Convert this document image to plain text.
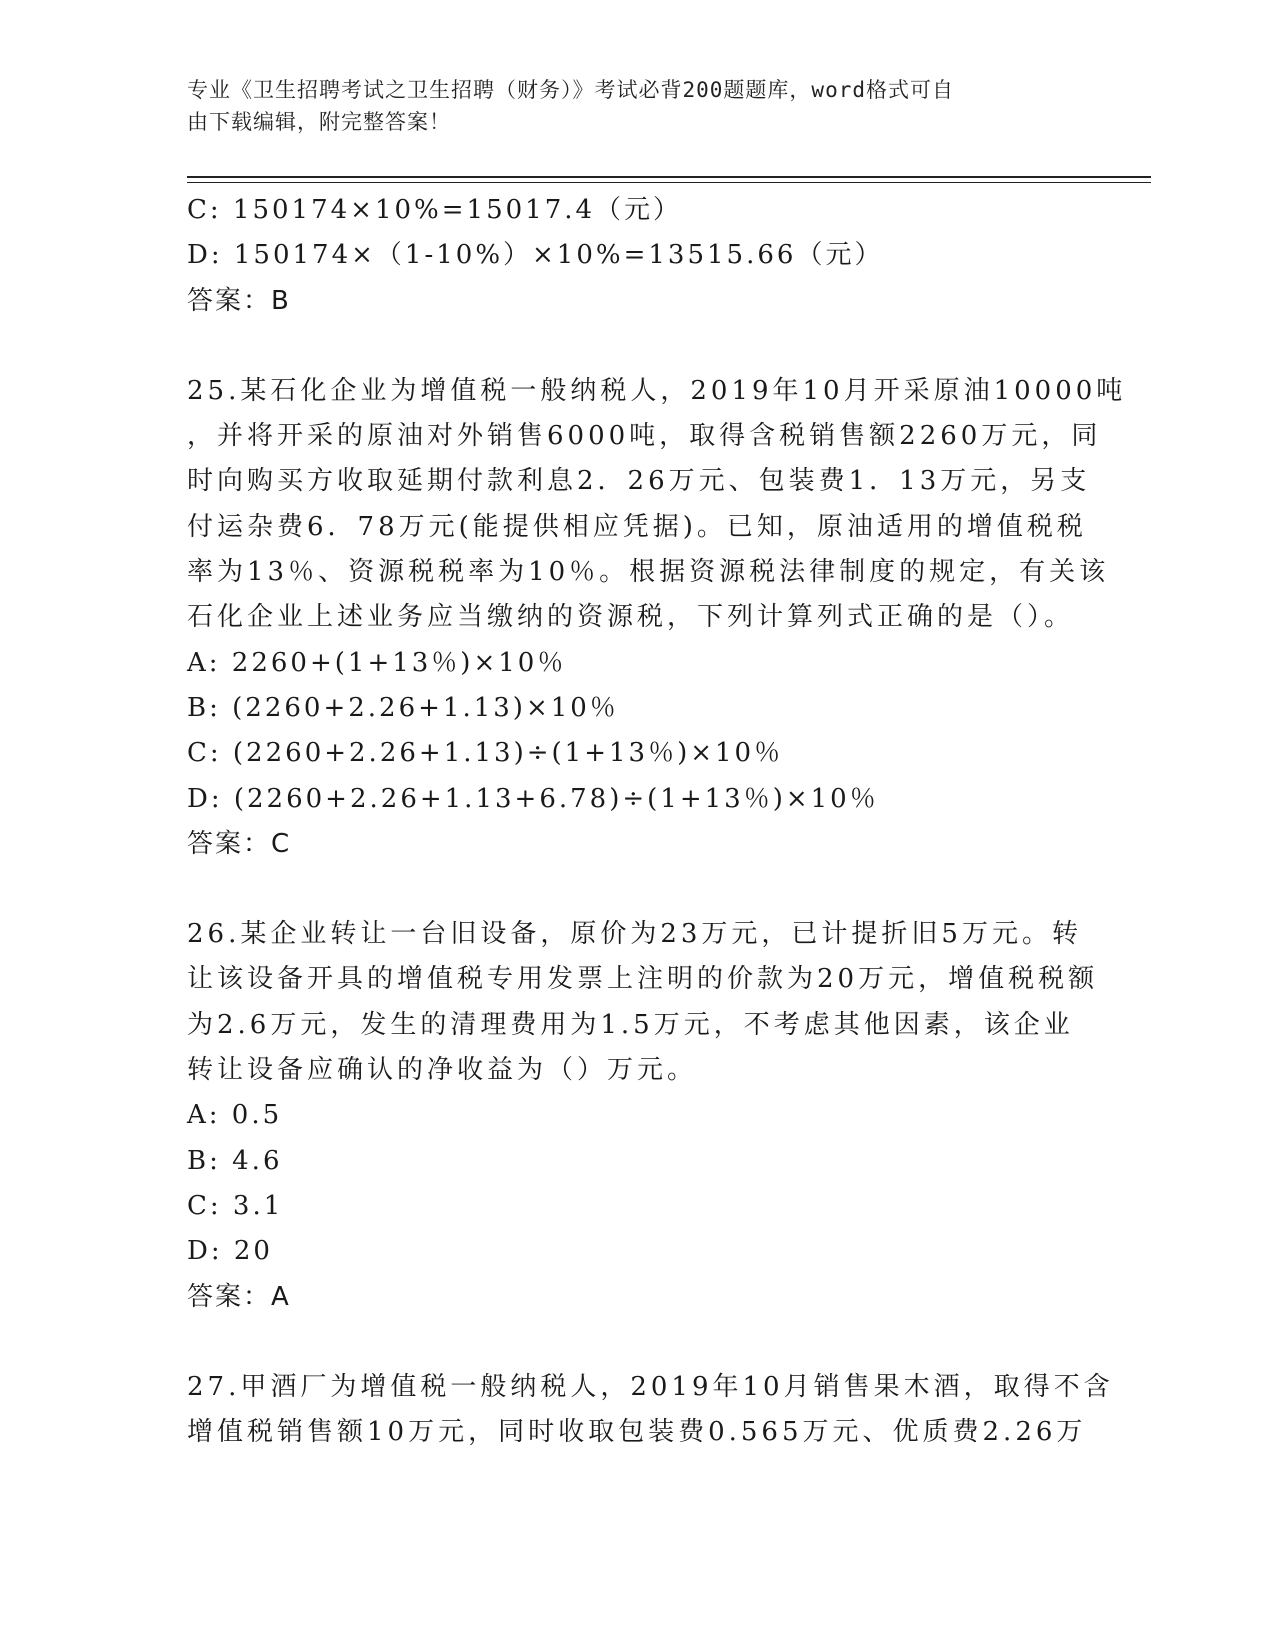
专业《卫生招聘考试之卫生招聘（财务）》考试必背200题题库，word格式可自
由下载编辑，附完整答案！
C: 150174×10%=15017.4（元）
D: 150174×（1-10%）×10%=13515.66（元）
答案：B
25.某石化企业为增值税一般纳税人，2019年10月开采原油10000吨
，并将开采的原油对外销售6000吨，取得含税销售额2260万元，同
时向购买方收取延期付款利息2．26万元、包装费1．13万元，另支
付运杂费6．78万元(能提供相应凭据)。已知，原油适用的增值税税
率为13％、资源税税率为10％。根据资源税法律制度的规定，有关该
石化企业上述业务应当缴纳的资源税，下列计算列式正确的是（）。
A: 2260+(1+13％)×10％
B: (2260+2.26+1.13)×10％
C: (2260+2.26+1.13)÷(1+13％)×10％
D: (2260+2.26+1.13+6.78)÷(1+13％)×10％
答案：C
26.某企业转让一台旧设备，原价为23万元，已计提折旧5万元。转
让该设备开具的增值税专用发票上注明的价款为20万元，增值税税额
为2.6万元，发生的清理费用为1.5万元，不考虑其他因素，该企业
转让设备应确认的净收益为（）万元。
A: 0.5
B: 4.6
C: 3.1
D: 20
答案：A
27.甲酒厂为增值税一般纳税人，2019年10月销售果木酒，取得不含
增值税销售额10万元，同时收取包装费0.565万元、优质费2.26万
